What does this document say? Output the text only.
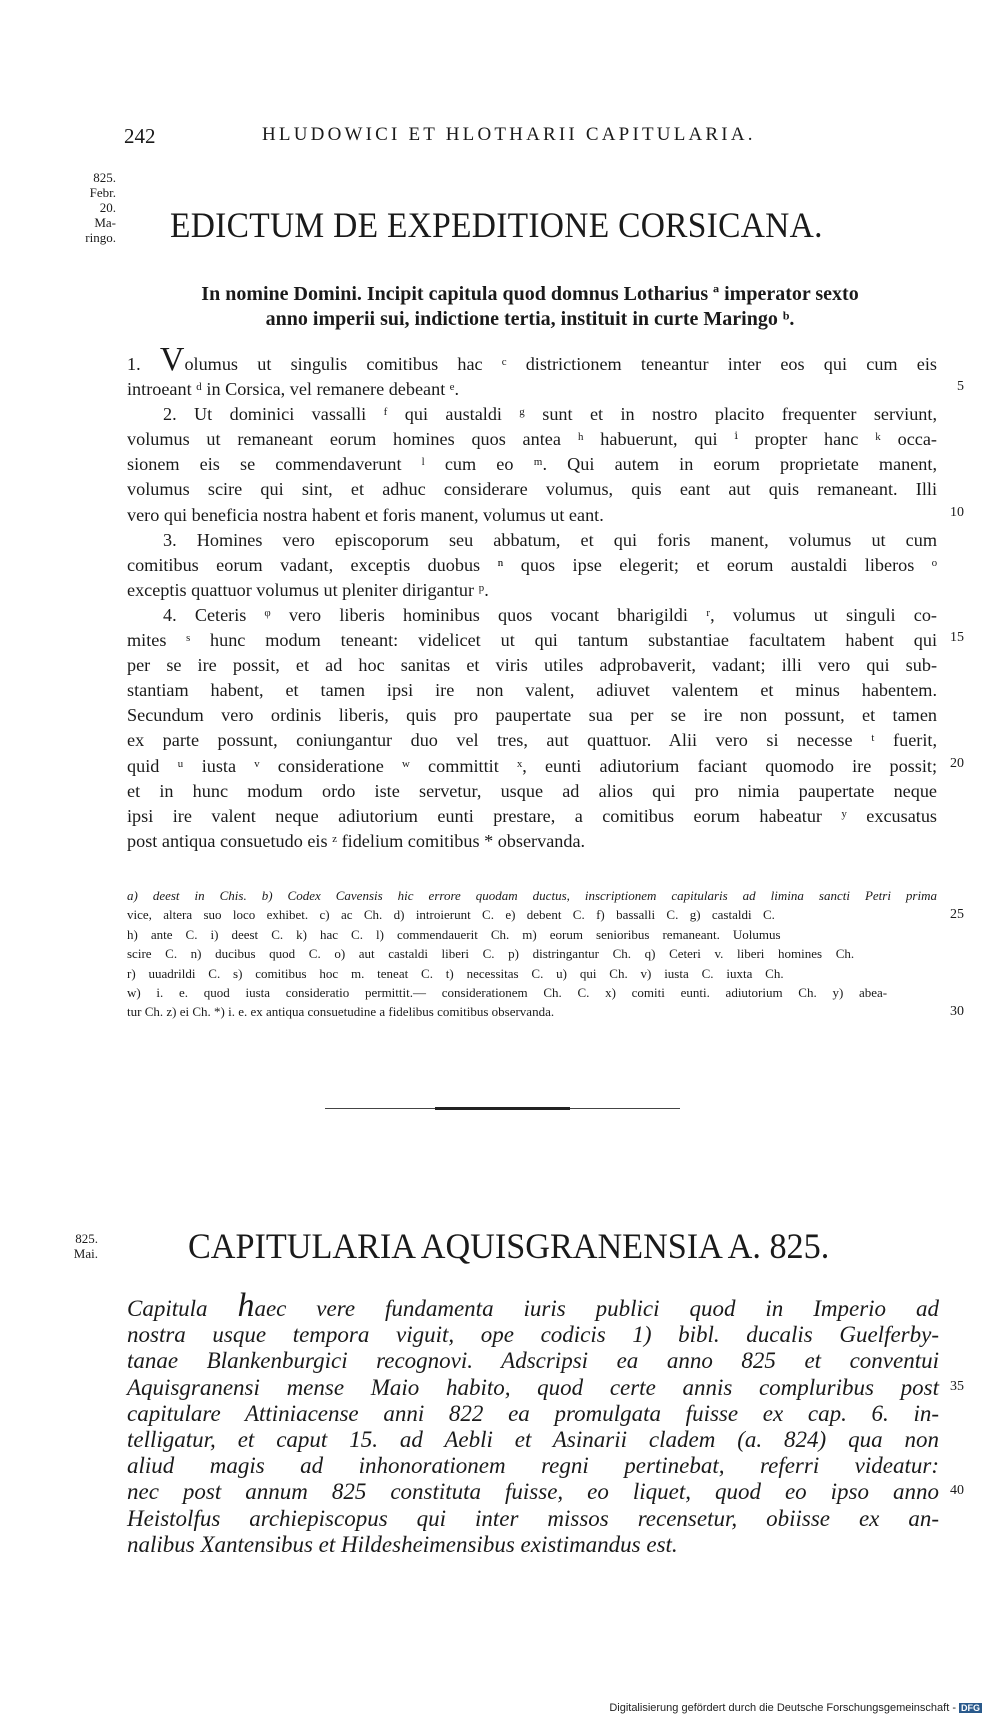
242	HLUDOWICI ET HLOTHARII CAPITULARIA.
825.
Febr.
20.
Ma-
ringo. EDICTUM DE EXPEDITIONE CORSICANA.
In nomine Domini. Incipit capitula quod domnus Lotharius ª imperator sexto
anno imperii sui, indictione tertia, instituit in curte Maringo ᵇ.
1. Volumus ut singulis comitibus hac ᶜ districtionem teneantur inter eos qui cum eis
introeant ᵈ in Corsica, vel remanere debeant ᵉ.
2. Ut dominici vassalli ᶠ qui austaldi ᵍ sunt et in nostro placito frequenter serviunt,
volumus ut remaneant eorum homines quos antea ʰ habuerunt, qui ⁱ propter hanc ᵏ occa-
sionem eis se commendaverunt ˡ cum eo ᵐ. Qui autem in eorum proprietate manent,
volumus scire qui sint, et adhuc considerare volumus, quis eant aut quis remaneant. Illi
vero qui beneficia nostra habent et foris manent, volumus ut eant.
3. Homines vero episcoporum seu abbatum, et qui foris manent, volumus ut cum
comitibus eorum vadant, exceptis duobus ⁿ quos ipse elegerit; et eorum austaldi liberos ᵒ
exceptis quattuor volumus ut pleniter dirigantur ᵖ.
4. Ceteris ᵠ vero liberis hominibus quos vocant bharigildi ʳ, volumus ut singuli co-
mites ˢ hunc modum teneant: videlicet ut qui tantum substantiae facultatem habent qui
per se ire possit, et ad hoc sanitas et viris utiles adprobaverit, vadant; illi vero qui sub-
stantiam habent, et tamen ipsi ire non valent, adiuvet valentem et minus habentem.
Secundum vero ordinis liberis, quis pro paupertate sua per se ire non possunt, et tamen
ex parte possunt, coniungantur duo vel tres, aut quattuor. Alii vero si necesse ᵗ fuerit,
quid ᵘ iusta ᵛ consideratione ʷ committit ˣ, eunti adiutorium faciant quomodo ire possit;
et in hunc modum ordo iste servetur, usque ad alios qui pro nimia paupertate neque
ipsi ire valent neque adiutorium eunti prestare, a comitibus eorum habeatur ʸ excusatus
post antiqua consuetudo eis ᶻ fidelium comitibus * observanda.
a) deest in Chis. b) Codex Cavensis hic errore quodam ductus, inscriptionem capitularis ad limina sancti Petri prima
vice, altera suo loco exhibet. c) ac Ch. d) introierunt C. e) debent C. f) bassalli C. g) castaldi C.
h) ante C. i) deest C. k) hac C. l) commendauerit Ch. m) eorum senioribus remaneant. Uolumus
scire C. n) ducibus quod C. o) aut castaldi liberi C. p) distringantur Ch. q) Ceteri v. liberi homines Ch.
r) uuadrildi C. s) comitibus hoc m. teneat C. t) necessitas C. u) qui Ch. v) iusta C. iuxta Ch.
w) i. e. quod iusta consideratio permittit.— considerationem Ch. C. x) comiti eunti. adiutorium Ch. y) abea-
tur Ch. z) ei Ch. *) i. e. ex antiqua consuetudine a fidelibus comitibus observanda.
825.
Mai.	CAPITULARIA AQUISGRANENSIA A. 825.
Capitula haec vere fundamenta iuris publici quod in Imperio ad
nostra usque tempora viguit, ope codicis 1) bibl. ducalis Guelferby-
tanae Blankenburgici recognovi. Adscripsi ea anno 825 et conventui
Aquisgranensi mense Maio habito, quod certe annis compluribus post
capitulare Attiniacense anni 822 ea promulgata fuisse ex cap. 6. in-
telligatur, et caput 15. ad Aebli et Asinarii cladem (a. 824) qua non
aliud magis ad inhonorationem regni pertinebat, referri videatur:
nec post annum 825 constituta fuisse, eo liquet, quod eo ipso anno
Heistolfus archiepiscopus qui inter missos recensetur, obiisse ex an-
nalibus Xantensibus et Hildesheimensibus existimandus est.
5
10
15
20
25
30
35
40
Digitalisierung gefördert durch die Deutsche Forschungsgemeinschaft - DFG
